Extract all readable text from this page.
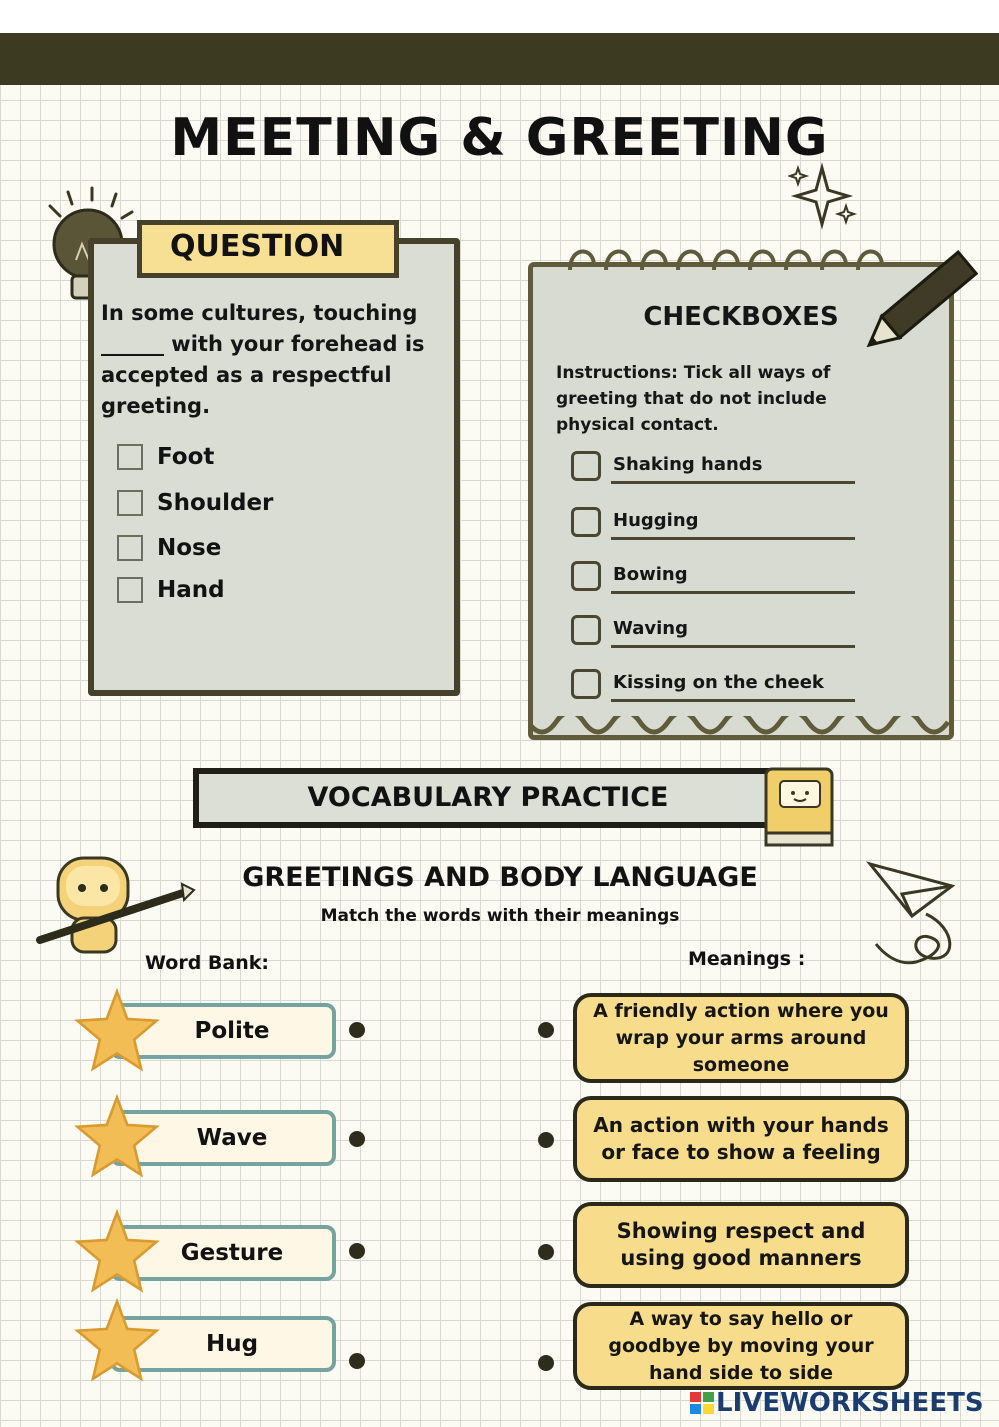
MEETING & GREETING
QUESTION
In some cultures, touching ______ with your forehead is accepted as a respectful greeting.
Foot
Shoulder
Nose
Hand
CHECKBOXES
Instructions: Tick all ways of greeting that do not include physical contact.
Shaking hands
Hugging
Bowing
Waving
Kissing on the cheek
VOCABULARY PRACTICE
GREETINGS AND BODY LANGUAGE
Match the words with their meanings
Word Bank:	Meanings :
Polite
Wave
Gesture
Hug
A friendly action where you wrap your arms around someone
An action with your hands or face to show a feeling
Showing respect and using good manners
A way to say hello or goodbye by moving your hand side to side
LIVEWORKSHEETS
